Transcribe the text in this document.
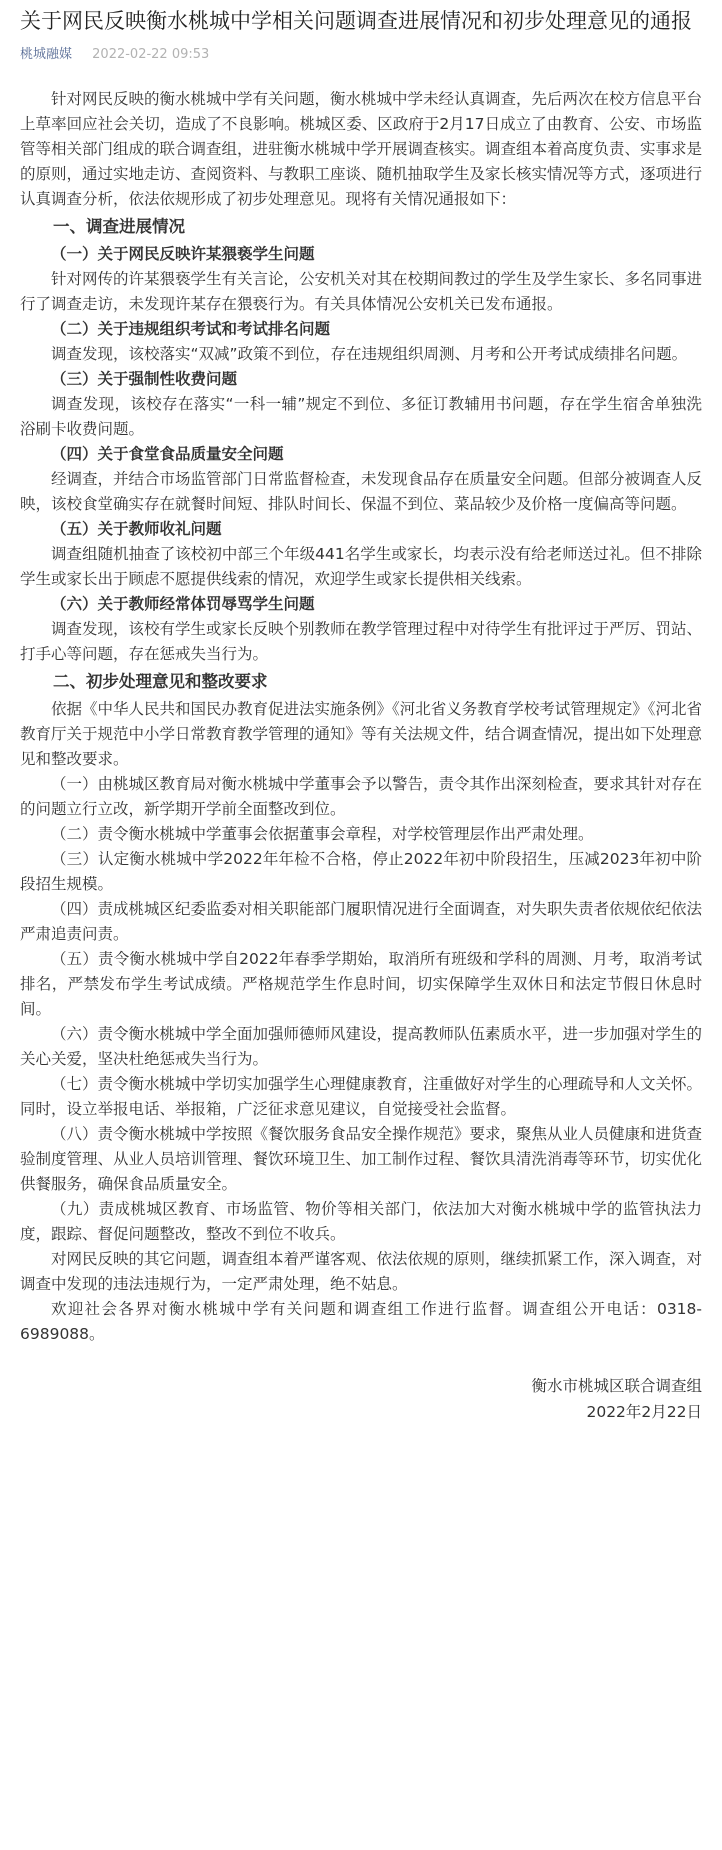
关于网民反映衡水桃城中学相关问题调查进展情况和初步处理意见的通报
桃城融媒 2022-02-22 09:53

针对网民反映的衡水桃城中学有关问题，衡水桃城中学未经认真调查，先后两次在校方信息平台上草率回应社会关切，造成了不良影响。桃城区委、区政府于2月17日成立了由教育、公安、市场监管等相关部门组成的联合调查组，进驻衡水桃城中学开展调查核实。调查组本着高度负责、实事求是的原则，通过实地走访、查阅资料、与教职工座谈、随机抽取学生及家长核实情况等方式，逐项进行认真调查分析，依法依规形成了初步处理意见。现将有关情况通报如下：

一、调查进展情况

（一）关于网民反映许某猥亵学生问题

针对网传的许某猥亵学生有关言论，公安机关对其在校期间教过的学生及学生家长、多名同事进行了调查走访，未发现许某存在猥亵行为。有关具体情况公安机关已发布通报。

（二）关于违规组织考试和考试排名问题

调查发现，该校落实“双减”政策不到位，存在违规组织周测、月考和公开考试成绩排名问题。

（三）关于强制性收费问题

调查发现，该校存在落实“一科一辅”规定不到位、多征订教辅用书问题，存在学生宿舍单独洗浴刷卡收费问题。

（四）关于食堂食品质量安全问题

经调查，并结合市场监管部门日常监督检查，未发现食品存在质量安全问题。但部分被调查人反映，该校食堂确实存在就餐时间短、排队时间长、保温不到位、菜品较少及价格一度偏高等问题。

（五）关于教师收礼问题

调查组随机抽查了该校初中部三个年级441名学生或家长，均表示没有给老师送过礼。但不排除学生或家长出于顾虑不愿提供线索的情况，欢迎学生或家长提供相关线索。

（六）关于教师经常体罚辱骂学生问题

调查发现，该校有学生或家长反映个别教师在教学管理过程中对待学生有批评过于严厉、罚站、打手心等问题，存在惩戒失当行为。

二、初步处理意见和整改要求

依据《中华人民共和国民办教育促进法实施条例》《河北省义务教育学校考试管理规定》《河北省教育厅关于规范中小学日常教育教学管理的通知》等有关法规文件，结合调查情况，提出如下处理意见和整改要求。

（一）由桃城区教育局对衡水桃城中学董事会予以警告，责令其作出深刻检查，要求其针对存在的问题立行立改，新学期开学前全面整改到位。

（二）责令衡水桃城中学董事会依据董事会章程，对学校管理层作出严肃处理。

（三）认定衡水桃城中学2022年年检不合格，停止2022年初中阶段招生，压减2023年初中阶段招生规模。

（四）责成桃城区纪委监委对相关职能部门履职情况进行全面调查，对失职失责者依规依纪依法严肃追责问责。

（五）责令衡水桃城中学自2022年春季学期始，取消所有班级和学科的周测、月考，取消考试排名，严禁发布学生考试成绩。严格规范学生作息时间，切实保障学生双休日和法定节假日休息时间。

（六）责令衡水桃城中学全面加强师德师风建设，提高教师队伍素质水平，进一步加强对学生的关心关爱，坚决杜绝惩戒失当行为。

（七）责令衡水桃城中学切实加强学生心理健康教育，注重做好对学生的心理疏导和人文关怀。同时，设立举报电话、举报箱，广泛征求意见建议，自觉接受社会监督。

（八）责令衡水桃城中学按照《餐饮服务食品安全操作规范》要求，聚焦从业人员健康和进货查验制度管理、从业人员培训管理、餐饮环境卫生、加工制作过程、餐饮具清洗消毒等环节，切实优化供餐服务，确保食品质量安全。

（九）责成桃城区教育、市场监管、物价等相关部门，依法加大对衡水桃城中学的监管执法力度，跟踪、督促问题整改，整改不到位不收兵。

对网民反映的其它问题，调查组本着严谨客观、依法依规的原则，继续抓紧工作，深入调查，对调查中发现的违法违规行为，一定严肃处理，绝不姑息。

欢迎社会各界对衡水桃城中学有关问题和调查组工作进行监督。调查组公开电话：0318-6989088。

衡水市桃城区联合调查组
2022年2月22日
